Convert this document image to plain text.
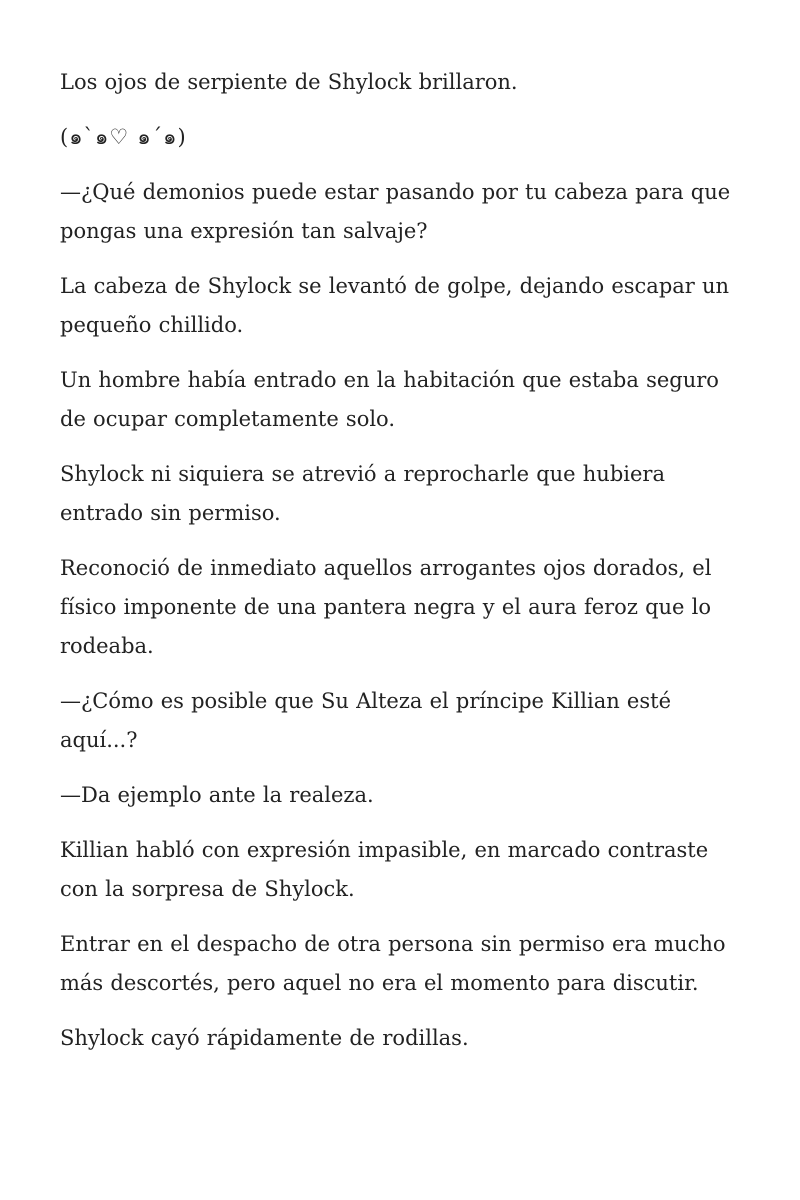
Los ojos de serpiente de Shylock brillaron.

(๑`๑♡ ๑´๑)

—¿Qué demonios puede estar pasando por tu cabeza para que pongas una expresión tan salvaje?

La cabeza de Shylock se levantó de golpe, dejando escapar un pequeño chillido.

Un hombre había entrado en la habitación que estaba seguro de ocupar completamente solo.

Shylock ni siquiera se atrevió a reprocharle que hubiera entrado sin permiso.

Reconoció de inmediato aquellos arrogantes ojos dorados, el físico imponente de una pantera negra y el aura feroz que lo rodeaba.

—¿Cómo es posible que Su Alteza el príncipe Killian esté aquí...?

—Da ejemplo ante la realeza.

Killian habló con expresión impasible, en marcado contraste con la sorpresa de Shylock.

Entrar en el despacho de otra persona sin permiso era mucho más descortés, pero aquel no era el momento para discutir.

Shylock cayó rápidamente de rodillas.
